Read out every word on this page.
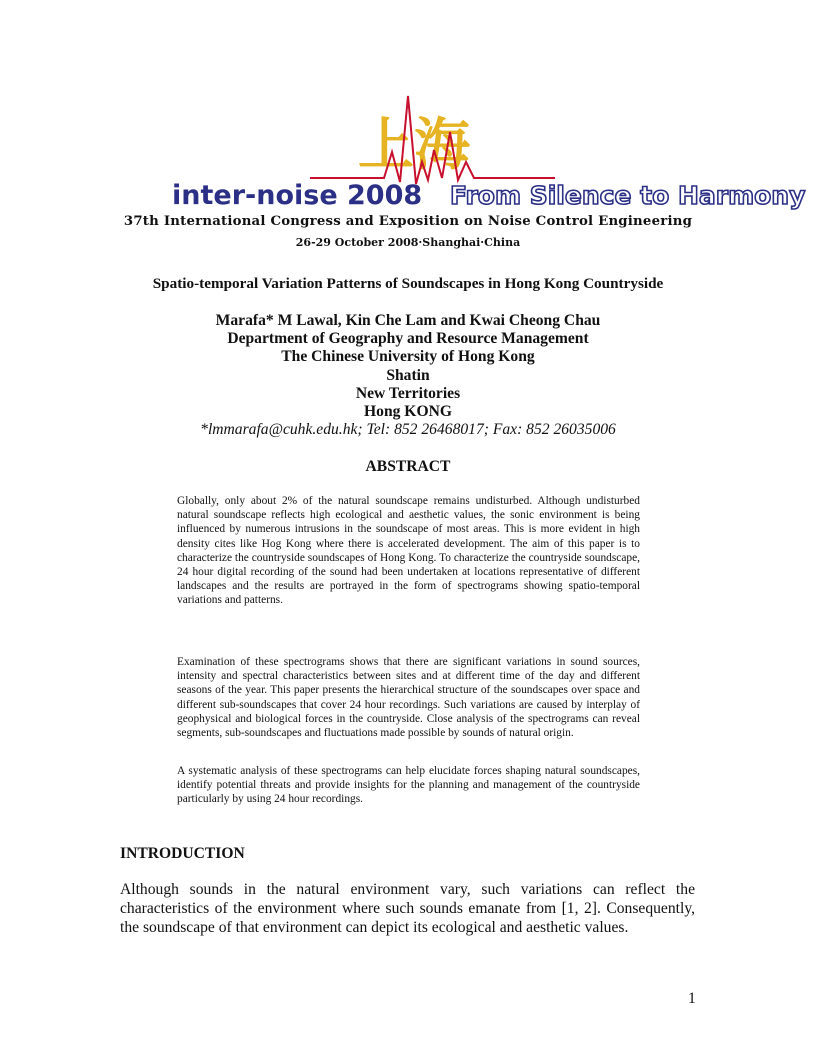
上海
inter-noise 2008 From Silence to Harmony
37th International Congress and Exposition on Noise Control Engineering
26-29 October 2008·Shanghai·China
Spatio-temporal Variation Patterns of Soundscapes in Hong Kong Countryside
Marafa* M Lawal, Kin Che Lam and Kwai Cheong Chau
Department of Geography and Resource Management
The Chinese University of Hong Kong
Shatin
New Territories
Hong KONG
*lmmarafa@cuhk.edu.hk; Tel: 852 26468017; Fax: 852 26035006
ABSTRACT

Globally, only about 2% of the natural soundscape remains undisturbed. Although undisturbed natural soundscape reflects high ecological and aesthetic values, the sonic environment is being influenced by numerous intrusions in the soundscape of most areas. This is more evident in high density cites like Hog Kong where there is accelerated development. The aim of this paper is to characterize the countryside soundscapes of Hong Kong. To characterize the countryside soundscape, 24 hour digital recording of the sound had been undertaken at locations representative of different landscapes and the results are portrayed in the form of spectrograms showing spatio-temporal variations and patterns.

Examination of these spectrograms shows that there are significant variations in sound sources, intensity and spectral characteristics between sites and at different time of the day and different seasons of the year. This paper presents the hierarchical structure of the soundscapes over space and different sub-soundscapes that cover 24 hour recordings. Such variations are caused by interplay of geophysical and biological forces in the countryside. Close analysis of the spectrograms can reveal segments, sub-soundscapes and fluctuations made possible by sounds of natural origin.

A systematic analysis of these spectrograms can help elucidate forces shaping natural soundscapes, identify potential threats and provide insights for the planning and management of the countryside particularly by using 24 hour recordings.

INTRODUCTION

Although sounds in the natural environment vary, such variations can reflect the characteristics of the environment where such sounds emanate from [1, 2]. Consequently, the soundscape of that environment can depict its ecological and aesthetic values.

1
